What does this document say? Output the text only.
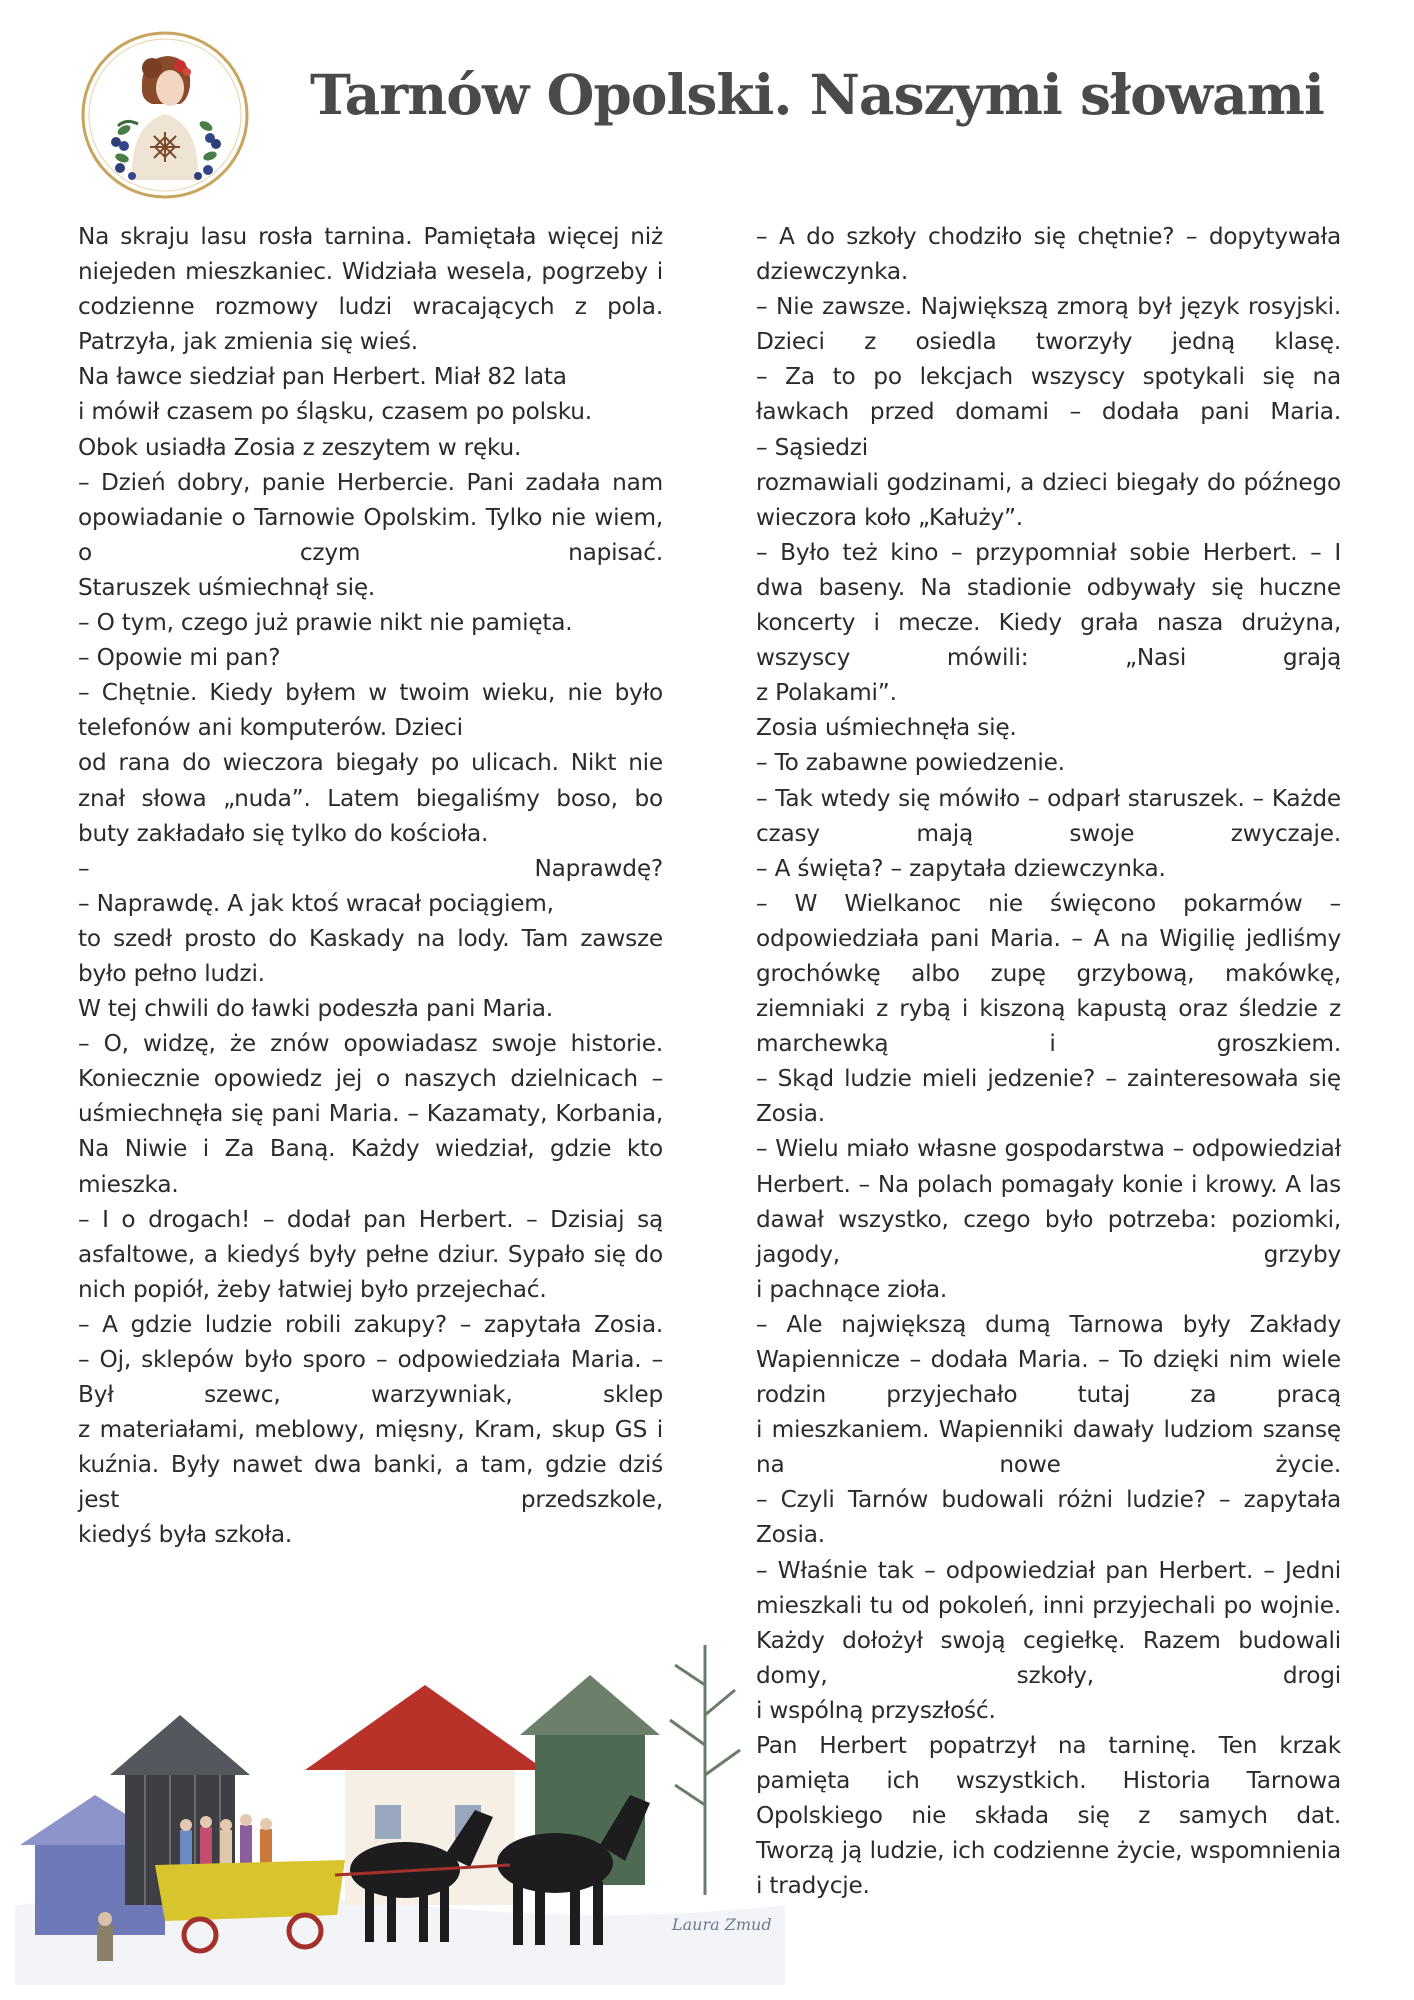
Tarnów Opolski. Naszymi słowami

Na skraju lasu rosła tarnina. Pamiętała więcej niż niejeden mieszkaniec. Widziała wesela, pogrzeby i codzienne rozmowy ludzi wracających z pola. Patrzyła, jak zmienia się wieś.

Na ławce siedział pan Herbert. Miał 82 lata

i mówił czasem po śląsku, czasem po polsku.

Obok usiadła Zosia z zeszytem w ręku.

– Dzień dobry, panie Herbercie. Pani zadała nam opowiadanie o Tarnowie Opolskim. Tylko nie wiem, o czym napisać.

Staruszek uśmiechnął się.

– O tym, czego już prawie nikt nie pamięta.

– Opowie mi pan?

– Chętnie. Kiedy byłem w twoim wieku, nie było telefonów ani komputerów. Dzieci

od rana do wieczora biegały po ulicach. Nikt nie znał słowa „nuda”. Latem biegaliśmy boso, bo buty zakładało się tylko do kościoła.

– Naprawdę?

– Naprawdę. A jak ktoś wracał pociągiem,

to szedł prosto do Kaskady na lody. Tam zawsze było pełno ludzi.

W tej chwili do ławki podeszła pani Maria.

– O, widzę, że znów opowiadasz swoje historie. Koniecznie opowiedz jej o naszych dzielnicach – uśmiechnęła się pani Maria. – Kazamaty, Korbania, Na Niwie i Za Baną. Każdy wiedział, gdzie kto mieszka.

– I o drogach! – dodał pan Herbert. – Dzisiaj są asfaltowe, a kiedyś były pełne dziur. Sypało się do nich popiół, żeby łatwiej było przejechać.

– A gdzie ludzie robili zakupy? – zapytała Zosia.

– Oj, sklepów było sporo – odpowiedziała Maria. – Był szewc, warzywniak, sklep

z materiałami, meblowy, mięsny, Kram, skup GS i kuźnia. Były nawet dwa banki, a tam, gdzie dziś jest przedszkole,

kiedyś była szkoła.

– A do szkoły chodziło się chętnie? – dopytywała dziewczynka.

– Nie zawsze. Największą zmorą był język rosyjski. Dzieci z osiedla tworzyły jedną klasę.

– Za to po lekcjach wszyscy spotykali się na ławkach przed domami – dodała pani Maria.

– Sąsiedzi

rozmawiali godzinami, a dzieci biegały do późnego wieczora koło „Kałuży”.

– Było też kino – przypomniał sobie Herbert. – I dwa baseny. Na stadionie odbywały się huczne koncerty i mecze. Kiedy grała nasza drużyna, wszyscy mówili: „Nasi grają

z Polakami”.

Zosia uśmiechnęła się.

– To zabawne powiedzenie.

– Tak wtedy się mówiło – odparł staruszek. – Każde czasy mają swoje zwyczaje.

– A święta? – zapytała dziewczynka.

– W Wielkanoc nie święcono pokarmów – odpowiedziała pani Maria. – A na Wigilię jedliśmy grochówkę albo zupę grzybową, makówkę, ziemniaki z rybą i kiszoną kapustą oraz śledzie z marchewką i groszkiem.

– Skąd ludzie mieli jedzenie? – zainteresowała się Zosia.

– Wielu miało własne gospodarstwa – odpowiedział Herbert. – Na polach pomagały konie i krowy. A las dawał wszystko, czego było potrzeba: poziomki, jagody, grzyby

i pachnące zioła.

– Ale największą dumą Tarnowa były Zakłady Wapiennicze – dodała Maria. – To dzięki nim wiele rodzin przyjechało tutaj za pracą

i mieszkaniem. Wapienniki dawały ludziom szansę na nowe życie.

– Czyli Tarnów budowali różni ludzie? – zapytała Zosia.

– Właśnie tak – odpowiedział pan Herbert. – Jedni mieszkali tu od pokoleń, inni przyjechali po wojnie. Każdy dołożył swoją cegiełkę. Razem budowali domy, szkoły, drogi

i wspólną przyszłość.

Pan Herbert popatrzył na tarninę. Ten krzak pamięta ich wszystkich. Historia Tarnowa Opolskiego nie składa się z samych dat.

Tworzą ją ludzie, ich codzienne życie, wspomnienia i tradycje.

Laura Zmud
